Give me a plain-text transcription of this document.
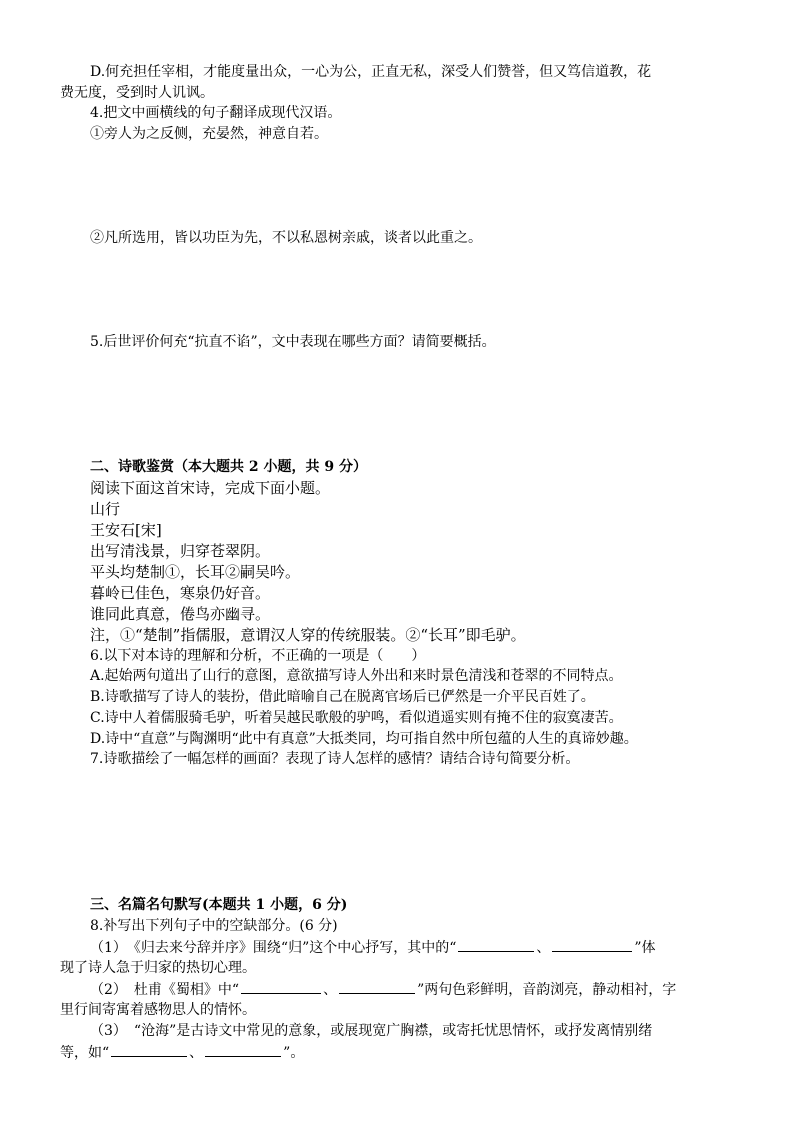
D.何充担任宰相，才能度量出众，一心为公，正直无私，深受人们赞誉，但又笃信道教，花
费无度，受到时人讥讽。
4.把文中画横线的句子翻译成现代汉语。
①旁人为之反侧，充晏然，神意自若。
②凡所选用，皆以功臣为先，不以私恩树亲戚，谈者以此重之。
5.后世评价何充“抗直不谄”，文中表现在哪些方面？请简要概括。
二、诗歌鉴赏（本大题共 2 小题，共 9 分）
阅读下面这首宋诗，完成下面小题。
山行
王安石[宋]
出写清浅景，归穿苍翠阴。
平头均楚制①，长耳②嗣吴吟。
暮岭已佳色，寒泉仍好音。
谁同此真意，倦鸟亦幽寻。
注，①“楚制”指儒服，意谓汉人穿的传统服装。②“长耳”即毛驴。
6.以下对本诗的理解和分析，不正确的一项是（　　）
A.起始两句道出了山行的意图，意欲描写诗人外出和来时景色清浅和苍翠的不同特点。
B.诗歌描写了诗人的装扮，借此暗喻自己在脱离官场后已俨然是一介平民百姓了。
C.诗中人着儒服骑毛驴，听着吴越民歌般的驴鸣，看似逍遥实则有掩不住的寂寞凄苦。
D.诗中“直意”与陶渊明“此中有真意”大抵类同，均可指自然中所包蕴的人生的真谛妙趣。
7.诗歌描绘了一幅怎样的画面？表现了诗人怎样的感情？请结合诗句简要分析。
三、名篇名句默写(本题共 1 小题，6 分)
8.补写出下列句子中的空缺部分。(6 分)
（1）　《归去来兮辞并序》围绕“归”这个中心抒写，其中的“	、	”体
现了诗人急于归家的热切心理。
（2）　杜甫《蜀相》中“	、	”两句色彩鲜明，音韵浏亮，静动相衬，字
里行间寄寓着感物思人的情怀。
（3）　“沧海”是古诗文中常见的意象，或展现宽广胸襟，或寄托忧思情怀，或抒发离情别绪
等，如“	、	”。
